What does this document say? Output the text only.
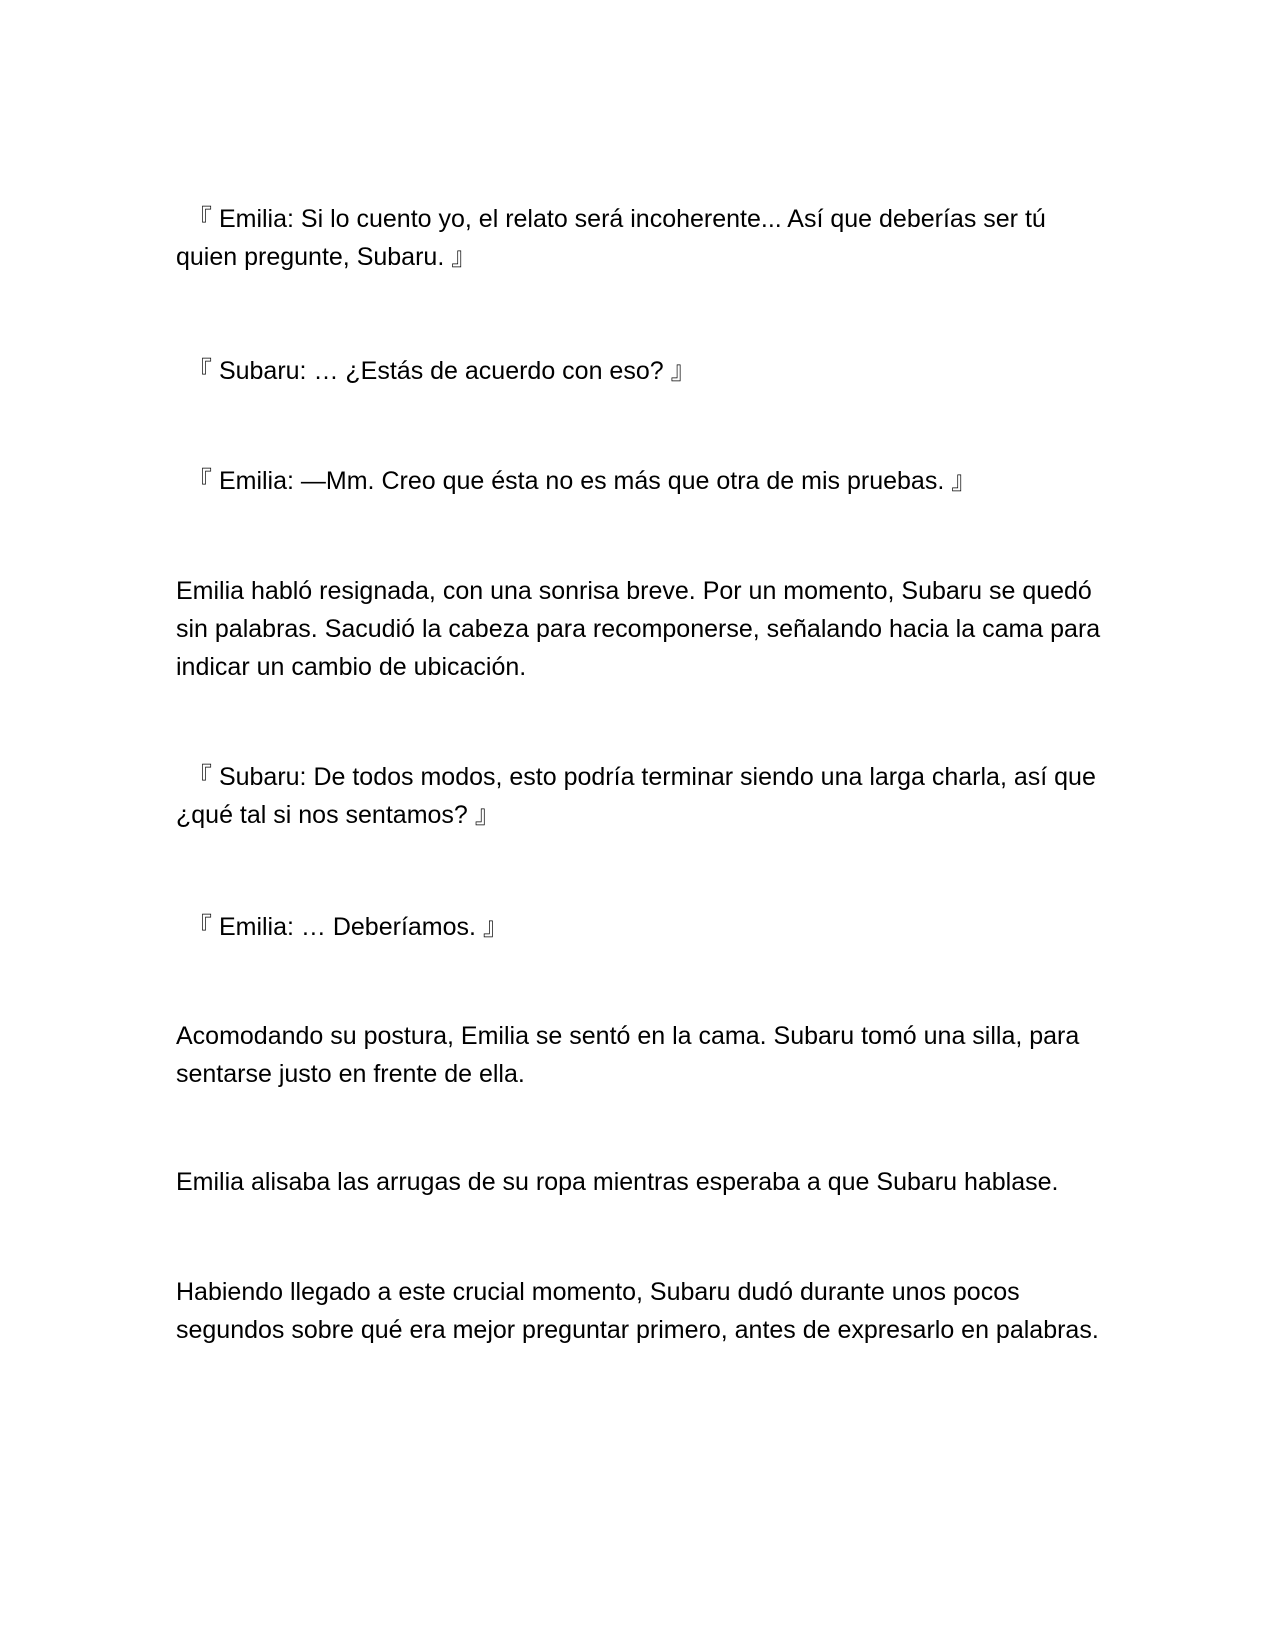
『 Emilia: Si lo cuento yo, el relato será incoherente... Así que deberías ser tú quien pregunte, Subaru. 』

『 Subaru: … ¿Estás de acuerdo con eso? 』

『 Emilia: —Mm. Creo que ésta no es más que otra de mis pruebas. 』

Emilia habló resignada, con una sonrisa breve. Por un momento, Subaru se quedó sin palabras. Sacudió la cabeza para recomponerse, señalando hacia la cama para indicar un cambio de ubicación.

『 Subaru: De todos modos, esto podría terminar siendo una larga charla, así que ¿qué tal si nos sentamos? 』

『 Emilia: … Deberíamos. 』

Acomodando su postura, Emilia se sentó en la cama. Subaru tomó una silla, para sentarse justo en frente de ella.

Emilia alisaba las arrugas de su ropa mientras esperaba a que Subaru hablase.

Habiendo llegado a este crucial momento, Subaru dudó durante unos pocos segundos sobre qué era mejor preguntar primero, antes de expresarlo en palabras.
